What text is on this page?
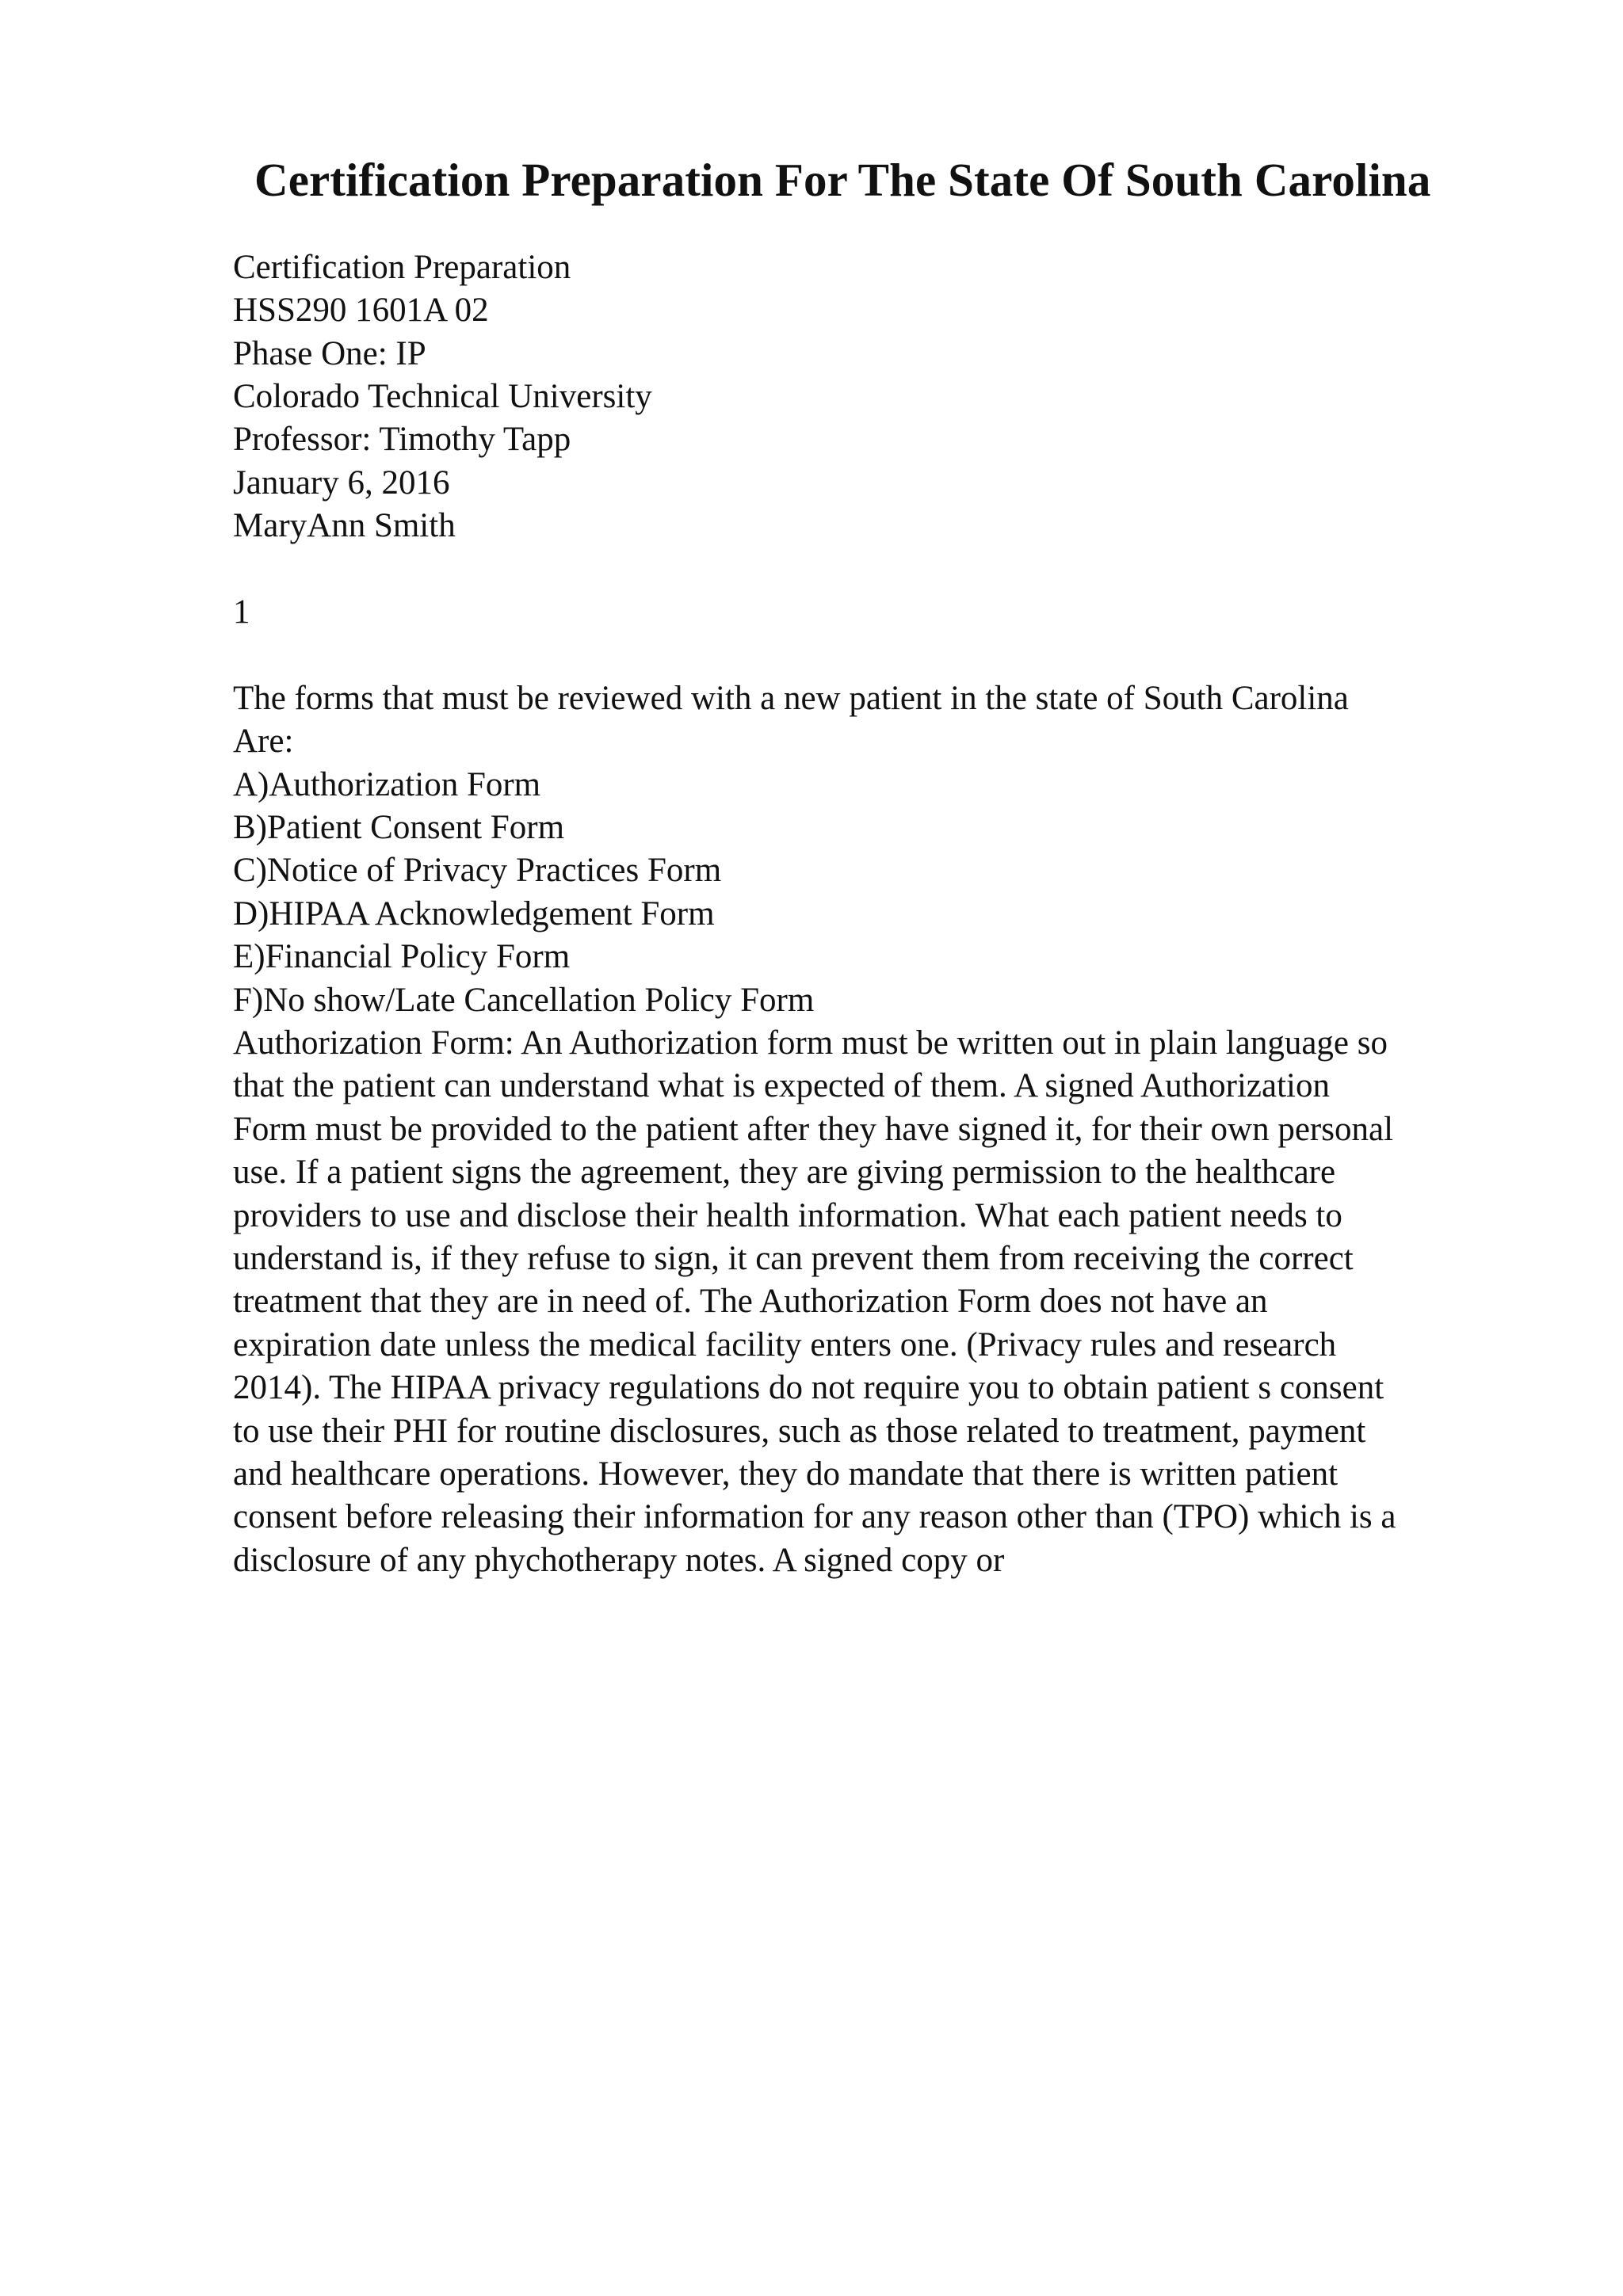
Certification Preparation For The State Of South Carolina

Certification Preparation

HSS290 1601A 02

Phase One: IP

Colorado Technical University

Professor: Timothy Tapp

January 6, 2016

MaryAnn Smith

1

The forms that must be reviewed with a new patient in the state of South Carolina

Are:

A)Authorization Form

B)Patient Consent Form

C)Notice of Privacy Practices Form

D)HIPAA Acknowledgement Form

E)Financial Policy Form

F)No show/Late Cancellation Policy Form

Authorization Form: An Authorization form must be written out in plain language so

that the patient can understand what is expected of them. A signed Authorization

Form must be provided to the patient after they have signed it, for their own personal

use. If a patient signs the agreement, they are giving permission to the healthcare

providers to use and disclose their health information. What each patient needs to

understand is, if they refuse to sign, it can prevent them from receiving the correct

treatment that they are in need of. The Authorization Form does not have an

expiration date unless the medical facility enters one. (Privacy rules and research

2014). The HIPAA privacy regulations do not require you to obtain patient s consent

to use their PHI for routine disclosures, such as those related to treatment, payment

and healthcare operations. However, they do mandate that there is written patient

consent before releasing their information for any reason other than (TPO) which is a

disclosure of any phychotherapy notes. A signed copy or
